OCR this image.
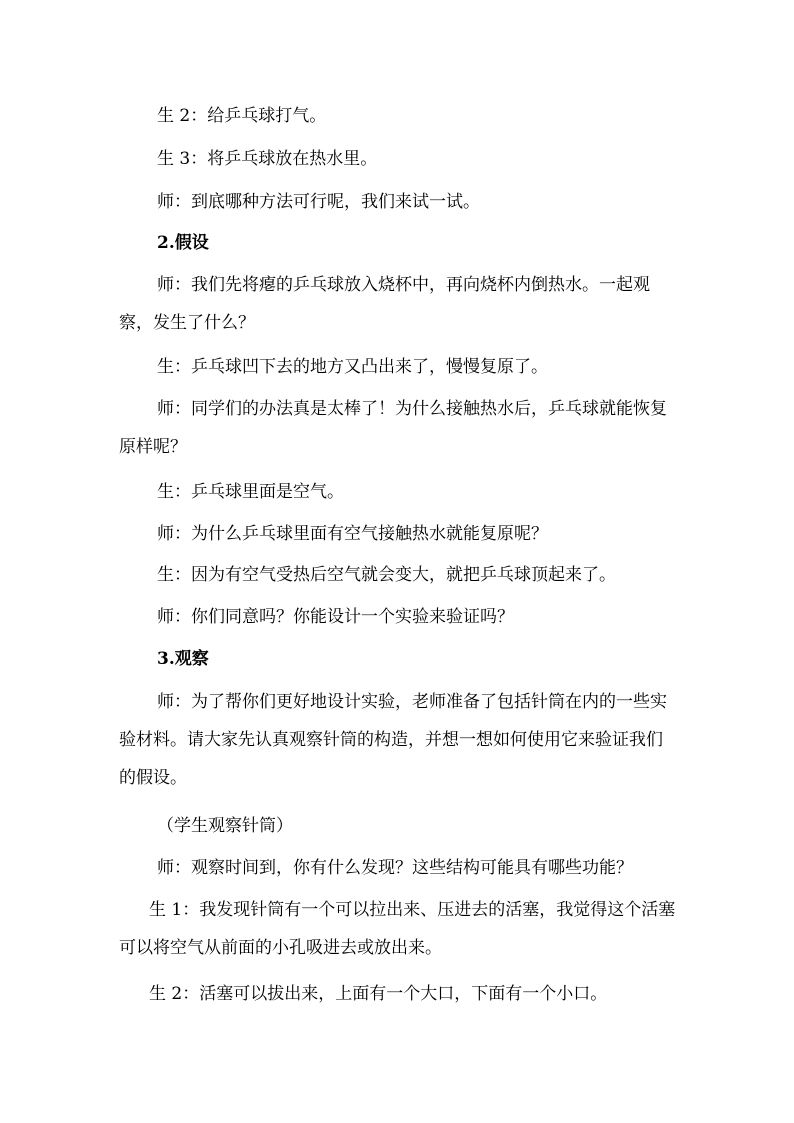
生 2：给乒乓球打气。
生 3：将乒乓球放在热水里。
师：到底哪种方法可行呢，我们来试一试。
2.假设
师：我们先将瘪的乒乓球放入烧杯中，再向烧杯内倒热水。一起观察，发生了什么？
生：乒乓球凹下去的地方又凸出来了，慢慢复原了。
师：同学们的办法真是太棒了！为什么接触热水后，乒乓球就能恢复原样呢？
生：乒乓球里面是空气。
师：为什么乒乓球里面有空气接触热水就能复原呢？
生：因为有空气受热后空气就会变大，就把乒乓球顶起来了。
师：你们同意吗？你能设计一个实验来验证吗？
3.观察
师：为了帮你们更好地设计实验，老师准备了包括针筒在内的一些实验材料。请大家先认真观察针筒的构造，并想一想如何使用它来验证我们的假设。
（学生观察针筒）
师：观察时间到，你有什么发现？这些结构可能具有哪些功能？
生 1：我发现针筒有一个可以拉出来、压进去的活塞，我觉得这个活塞可以将空气从前面的小孔吸进去或放出来。
生 2：活塞可以拔出来，上面有一个大口，下面有一个小口。
